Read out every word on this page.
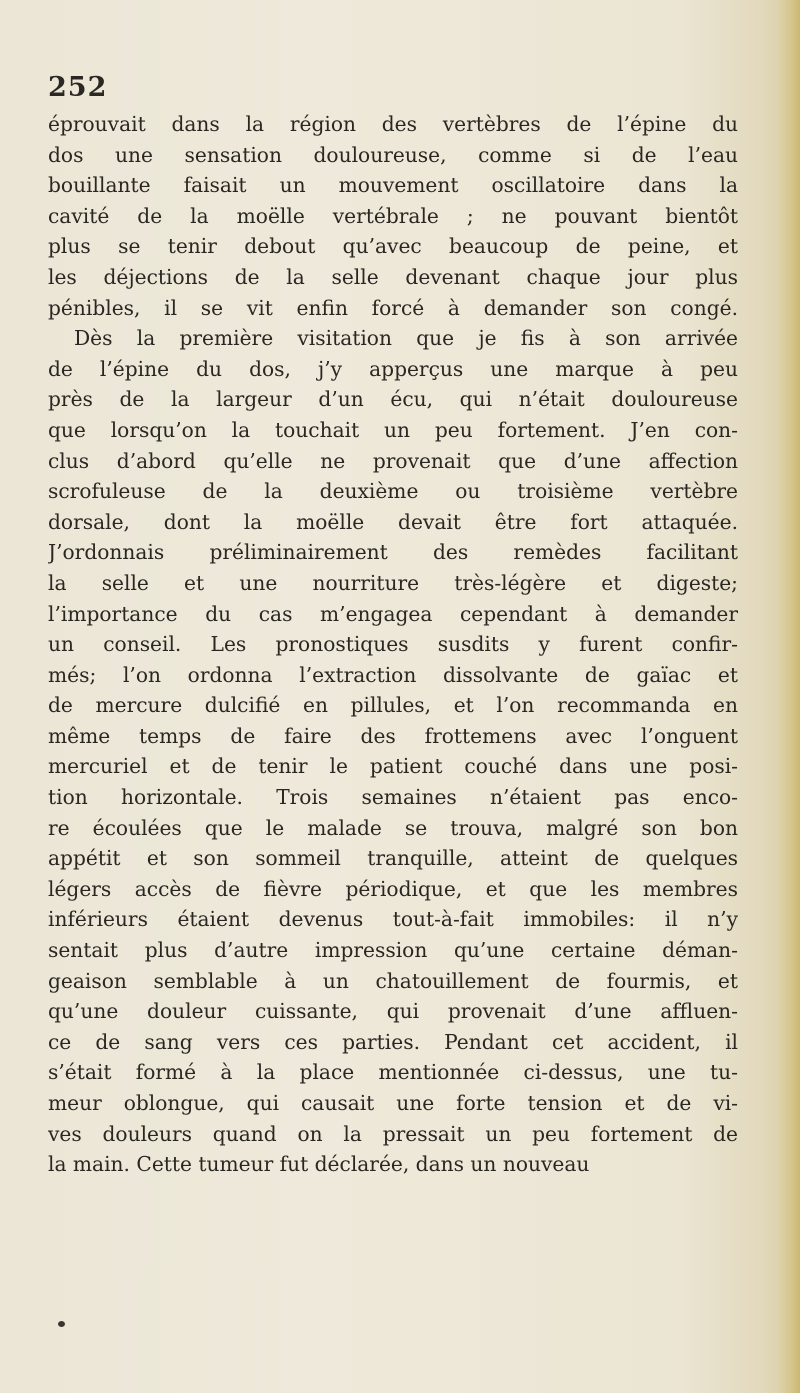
252
éprouvait dans la région des vertèbres de l’épine du
dos une sensation douloureuse, comme si de l’eau
bouillante faisait un mouvement oscillatoire dans la
cavité de la moëlle vertébrale ; ne pouvant bientôt
plus se tenir debout qu’avec beaucoup de peine, et
les déjections de la selle devenant chaque jour plus
pénibles, il se vit enfin forcé à demander son congé.
Dès la première visitation que je fis à son arrivée
de l’épine du dos, j’y apperçus une marque à peu
près de la largeur d’un écu, qui n’était douloureuse
que lorsqu’on la touchait un peu fortement. J’en con-
clus d’abord qu’elle ne provenait que d’une affection
scrofuleuse de la deuxième ou troisième vertèbre
dorsale, dont la moëlle devait être fort attaquée.
J’ordonnais préliminairement des remèdes facilitant
la selle et une nourriture très-légère et digeste;
l’importance du cas m’engagea cependant à demander
un conseil. Les pronostiques susdits y furent confir-
més; l’on ordonna l’extraction dissolvante de gaïac et
de mercure dulcifié en pillules, et l’on recommanda en
même temps de faire des frottemens avec l’onguent
mercuriel et de tenir le patient couché dans une posi-
tion horizontale. Trois semaines n’étaient pas enco-
re écoulées que le malade se trouva, malgré son bon
appétit et son sommeil tranquille, atteint de quelques
légers accès de fièvre périodique, et que les membres
inférieurs étaient devenus tout-à-fait immobiles: il n’y
sentait plus d’autre impression qu’une certaine déman-
geaison semblable à un chatouillement de fourmis, et
qu’une douleur cuissante, qui provenait d’une affluen-
ce de sang vers ces parties. Pendant cet accident, il
s’était formé à la place mentionnée ci-dessus, une tu-
meur oblongue, qui causait une forte tension et de vi-
ves douleurs quand on la pressait un peu fortement de
la main. Cette tumeur fut déclarée, dans un nouveau
